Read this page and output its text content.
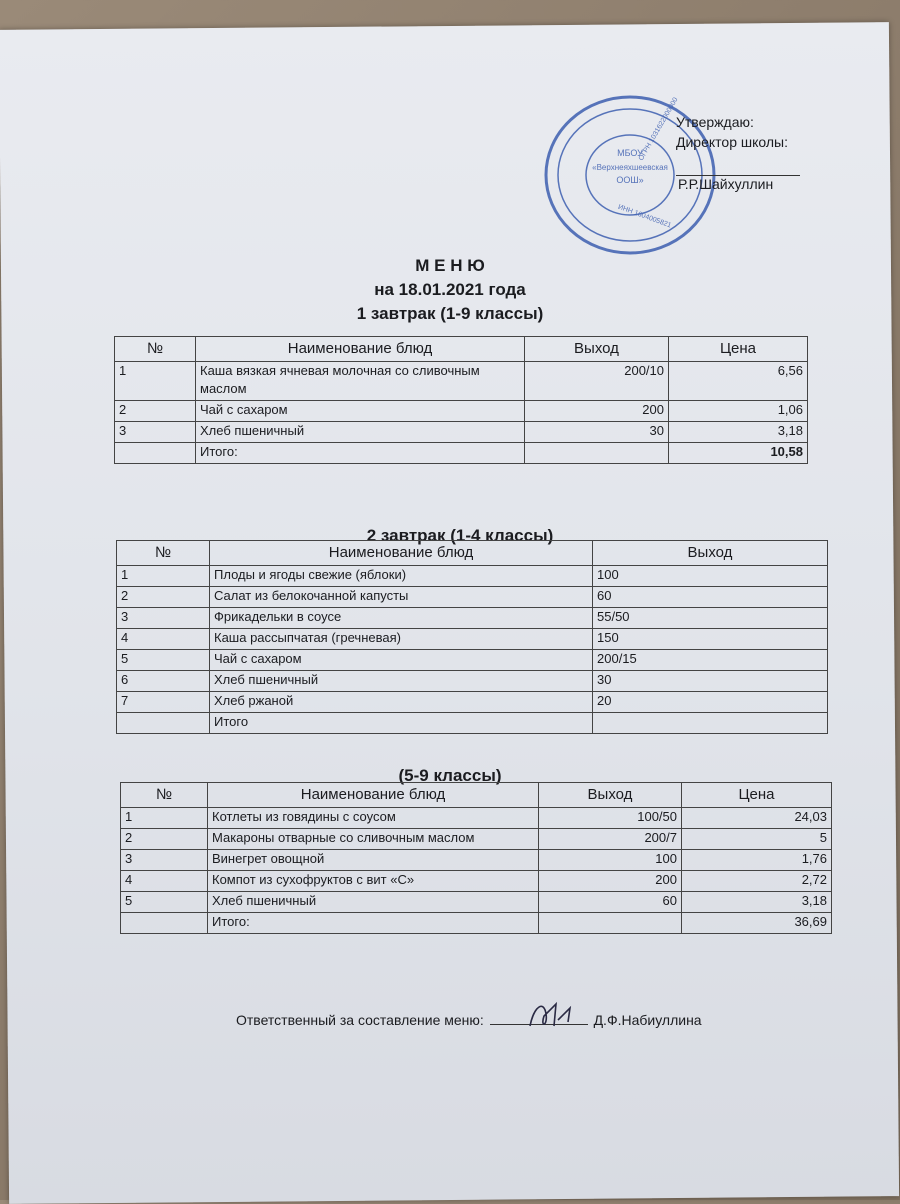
МБОУ
«Верхнеяхшеевская
ООШ»
ОГРН 1031622000000
ИНН 1604005821
Утверждаю:
Директор школы:
Р.Р.Шайхуллин
М Е Н Ю
на 18.01.2021 года
1 завтрак (1-9 классы)
№	Наименование блюд	Выход	Цена
1	Каша вязкая ячневая молочная со сливочным маслом	200/10	6,56
2	Чай с сахаром	200	1,06
3	Хлеб пшеничный	30	3,18
	Итого:		10,58
2 завтрак (1-4 классы)
№	Наименование блюд	Выход
1	Плоды и ягоды свежие (яблоки)	100
2	Салат из белокочанной капусты	60
3	Фрикадельки в соусе	55/50
4	Каша рассыпчатая (гречневая)	150
5	Чай с сахаром	200/15
6	Хлеб пшеничный	30
7	Хлеб ржаной	20
	Итого	
(5-9 классы)
№	Наименование блюд	Выход	Цена
1	Котлеты из говядины с соусом	100/50	24,03
2	Макароны отварные со сливочным маслом	200/7	5
3	Винегрет овощной	100	1,76
4	Компот из сухофруктов с вит «С»	200	2,72
5	Хлеб пшеничный	60	3,18
	Итого:		36,69
Ответственный за составление меню:	Д.Ф.Набиуллина
